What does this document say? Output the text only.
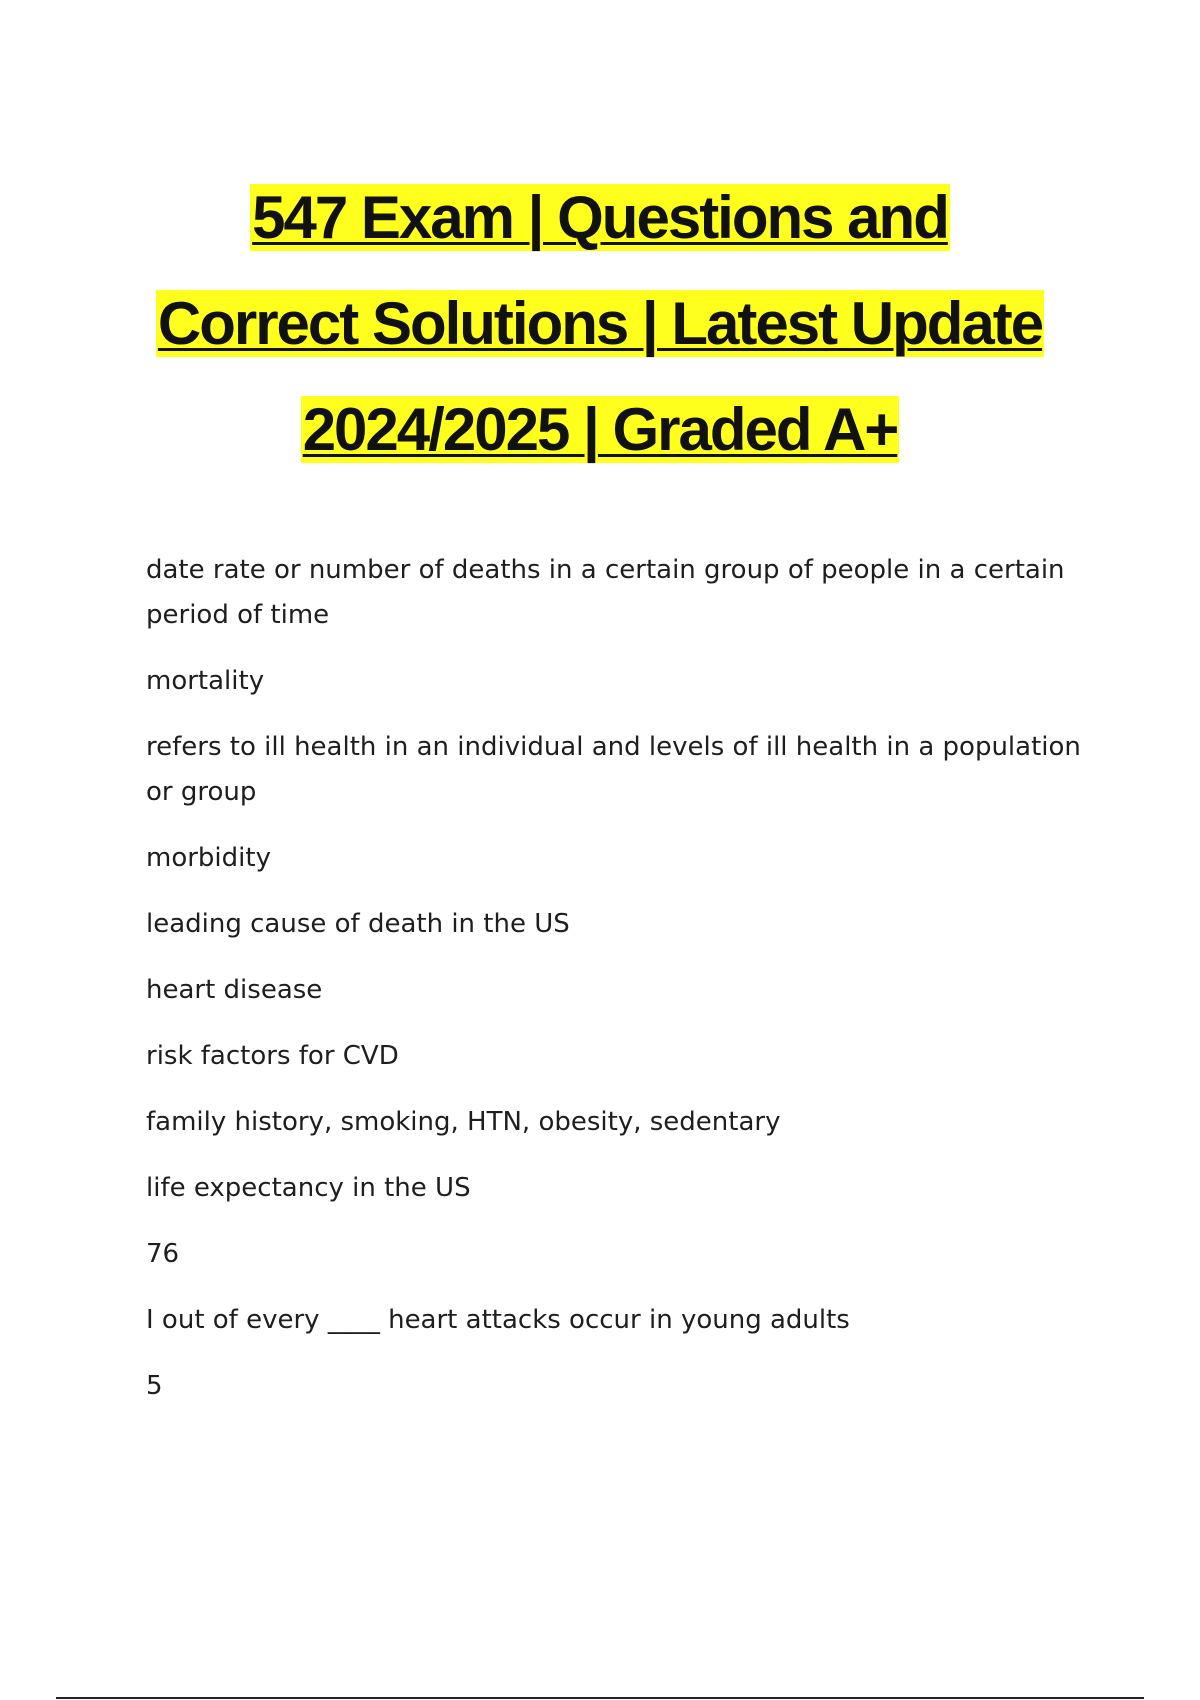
547 Exam | Questions and
Correct Solutions | Latest Update
2024/2025 | Graded A+

date rate or number of deaths in a certain group of people in a certain period of time

mortality

refers to ill health in an individual and levels of ill health in a population or group

morbidity

leading cause of death in the US

heart disease

risk factors for CVD

family history, smoking, HTN, obesity, sedentary

life expectancy in the US

76

I out of every ____ heart attacks occur in young adults

5
